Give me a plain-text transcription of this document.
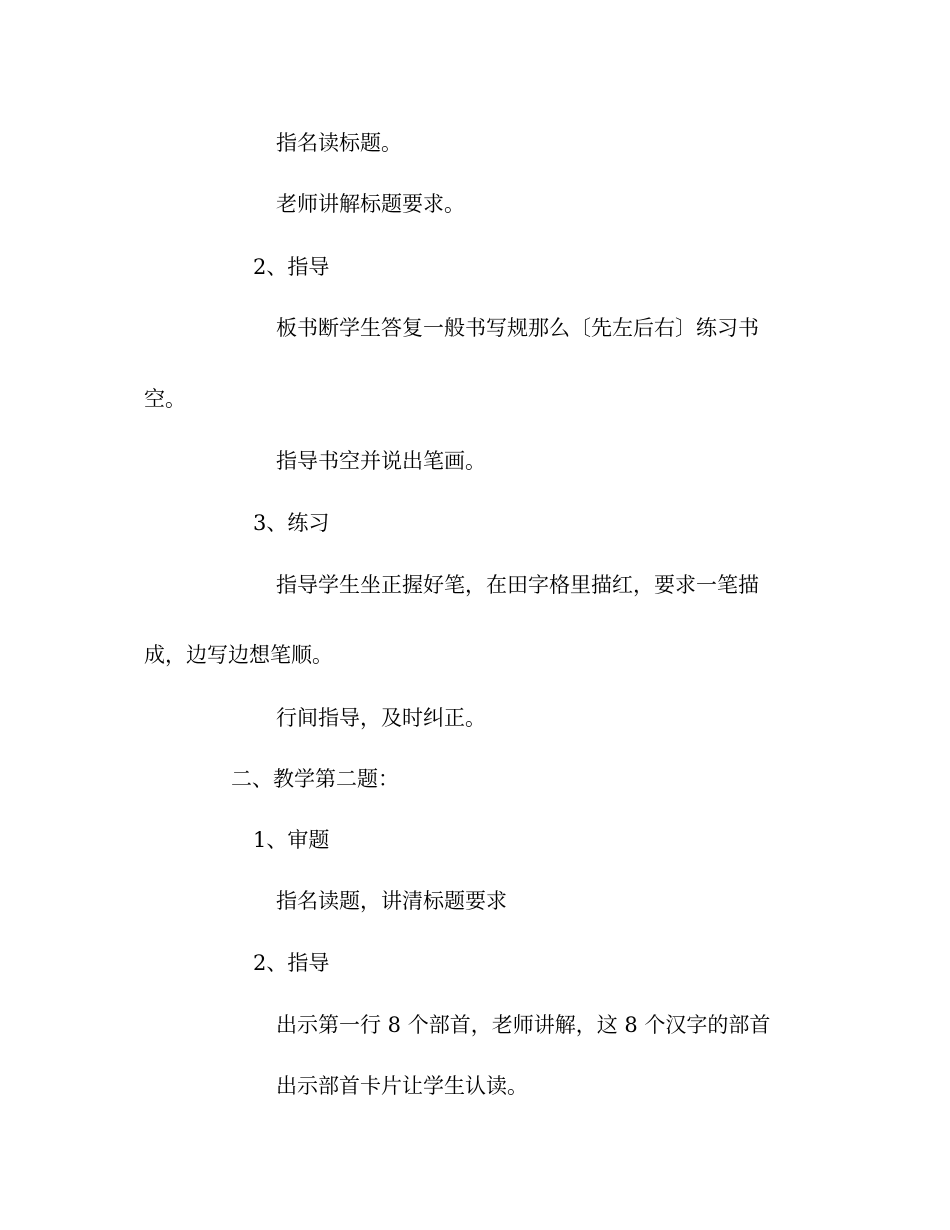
指名读标题。
老师讲解标题要求。
2、指导
板书断学生答复一般书写规那么〔先左后右〕练习书
空。
指导书空并说出笔画。
3、练习
指导学生坐正握好笔，在田字格里描红，要求一笔描
成，边写边想笔顺。
行间指导，及时纠正。
二、教学第二题：
1、审题
指名读题，讲清标题要求
2、指导
出示第一行 8 个部首，老师讲解，这 8 个汉字的部首
出示部首卡片让学生认读。
